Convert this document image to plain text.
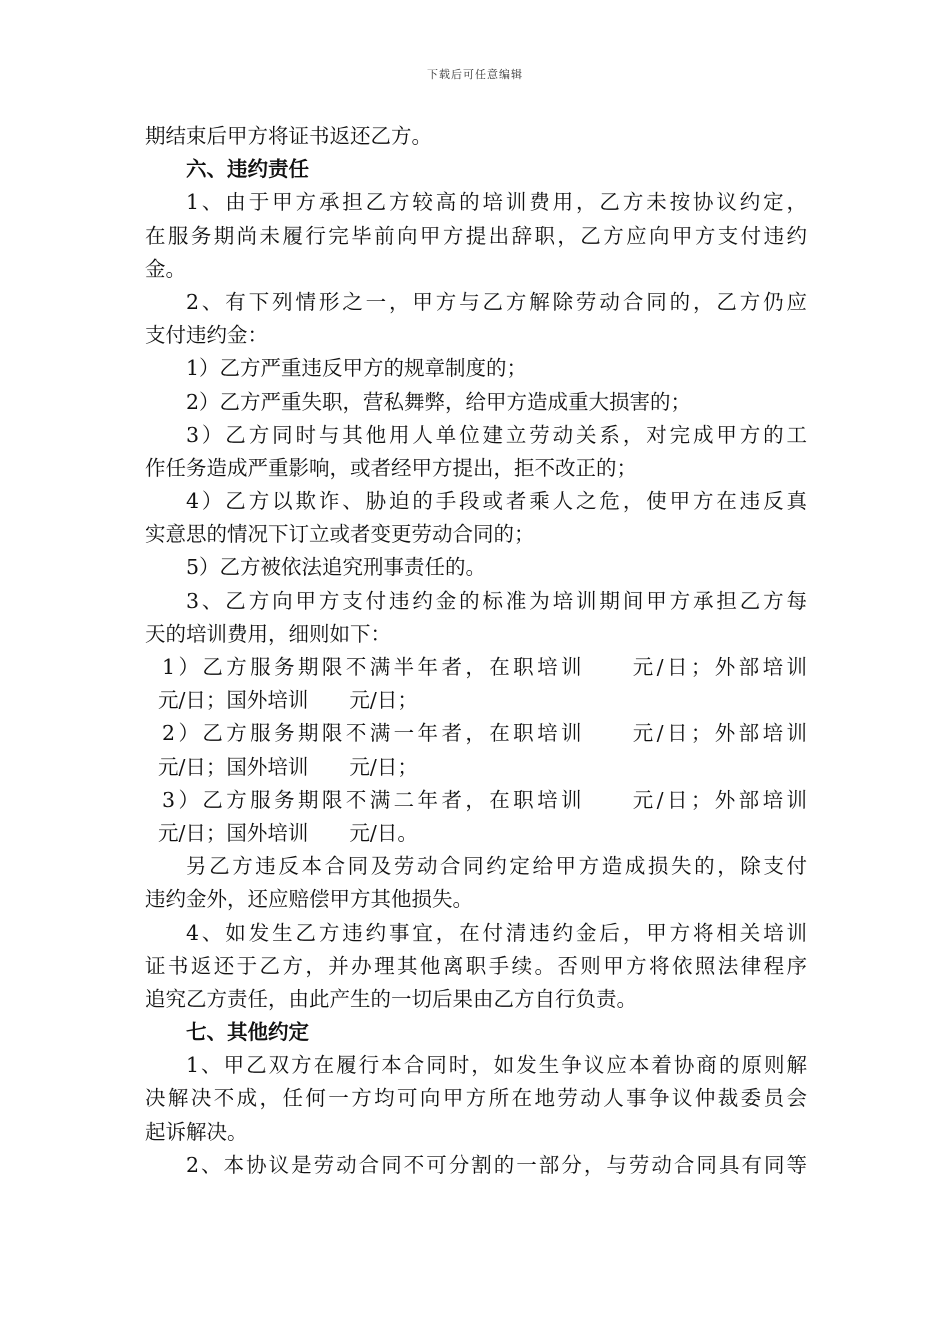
下载后可任意编辑
期结束后甲方将证书返还乙方。
六、违约责任
1、由于甲方承担乙方较高的培训费用，乙方未按协议约定，
在服务期尚未履行完毕前向甲方提出辞职，乙方应向甲方支付违约
金。
2、有下列情形之一，甲方与乙方解除劳动合同的，乙方仍应
支付违约金：
1）乙方严重违反甲方的规章制度的；
2）乙方严重失职，营私舞弊，给甲方造成重大损害的；
3）乙方同时与其他用人单位建立劳动关系，对完成甲方的工
作任务造成严重影响，或者经甲方提出，拒不改正的；
4）乙方以欺诈、胁迫的手段或者乘人之危，使甲方在违反真
实意思的情况下订立或者变更劳动合同的；
5）乙方被依法追究刑事责任的。
3、乙方向甲方支付违约金的标准为培训期间甲方承担乙方每
天的培训费用，细则如下：
1）乙方服务期限不满半年者，在职培训　　元/日；外部培训
元/日；国外培训　　元/日；
2）乙方服务期限不满一年者，在职培训　　元/日；外部培训
元/日；国外培训　　元/日；
3）乙方服务期限不满二年者，在职培训　　元/日；外部培训
元/日；国外培训　　元/日。
另乙方违反本合同及劳动合同约定给甲方造成损失的，除支付
违约金外，还应赔偿甲方其他损失。
4、如发生乙方违约事宜，在付清违约金后，甲方将相关培训
证书返还于乙方，并办理其他离职手续。否则甲方将依照法律程序
追究乙方责任，由此产生的一切后果由乙方自行负责。
七、其他约定
1、甲乙双方在履行本合同时，如发生争议应本着协商的原则解
决解决不成，任何一方均可向甲方所在地劳动人事争议仲裁委员会
起诉解决。
2、本协议是劳动合同不可分割的一部分，与劳动合同具有同等
